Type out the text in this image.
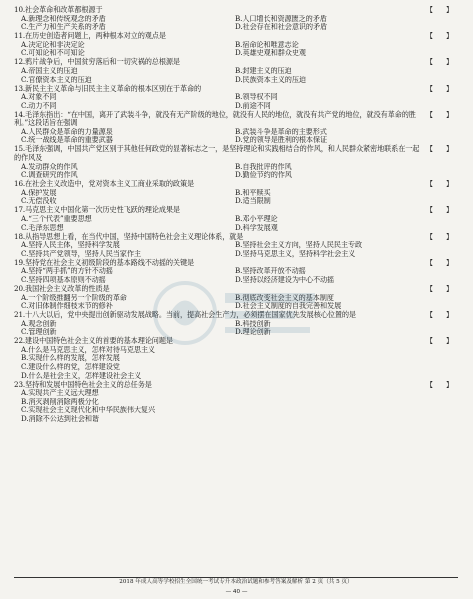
10.社会革命和改革都根源于	【　】
A.新理念和传统观念的矛盾	B.人口增长和资源匮乏的矛盾
C.生产力和生产关系的矛盾	D.社会存在和社会意识的矛盾
11.在历史创造者问题上，两种根本对立的观点是	【　】
A.决定论和非决定论	B.宿命论和唯意志论
C.可知论和不可知论	D.英雄史观和群众史观
12.鸦片战争后，中国贫穷落后和一切灾祸的总根源是	【　】
A.帝国主义的压迫	B.封建主义的压迫
C.官僚资本主义的压迫	D.民族资本主义的压迫
13.新民主主义革命与旧民主主义革命的根本区别在于革命的	【　】
A.对象不同	B.领导权不同
C.动力不同	D.前途不同
14.毛泽东指出：“在中国，离开了武装斗争，就没有无产阶级的地位，就没有人民的地位，就没有共产党的地位，就没有革命的胜利。”这段话旨在强调
【　】
A.人民群众是革命的力量源泉	B.武装斗争是革命的主要形式
C.统一战线是革命的重要武器	D.党的领导是胜利的根本保证
15.毛泽东强调，中国共产党区别于其他任何政党的显著标志之一，是坚持理论和实践相结合的作风，和人民群众紧密地联系在一起的作风及
【　】
A.发动群众的作风	B.自我批评的作风
C.调查研究的作风	D.勤俭节约的作风
16.在社会主义改造中，党对资本主义工商业采取的政策是	【　】
A.保护发展	B.和平赎买
C.无偿没收	D.适当限制
17.马克思主义中国化第一次历史性飞跃的理论成果是	【　】
A.“三个代表”重要思想	B.邓小平理论
C.毛泽东思想	D.科学发展观
18.从指导思想上看，在当代中国，坚持中国特色社会主义理论体系，就是	【　】
A.坚持人民主体，坚持科学发展	B.坚持社会主义方向，坚持人民民主专政
C.坚持共产党领导，坚持人民当家作主	D.坚持马克思主义，坚持科学社会主义
19.坚持党在社会主义初级阶段的基本路线不动摇的关键是	【　】
A.坚持“两手抓”的方针不动摇	B.坚持改革开放不动摇
C.坚持四项基本原则不动摇	D.坚持以经济建设为中心不动摇
20.我国社会主义改革的性质是	【　】
A.一个阶级推翻另一个阶级的革命	B.彻底改变社会主义的基本制度
C.对旧体制作细枝末节的修补	D.社会主义制度的自我完善和发展
21.十八大以后，党中央提出创新驱动发展战略。当前，提高社会生产力，必须摆在国家优先发展核心位置的是	【　】
A.观念创新	B.科技创新
C.管理创新	D.理论创新
22.建设中国特色社会主义的首要的基本理论问题是	【　】
A.什么是马克思主义，怎样对待马克思主义
B.实现什么样的发展，怎样发展
C.建设什么样的党，怎样建设党
D.什么是社会主义，怎样建设社会主义
23.坚持和发展中国特色社会主义的总任务是	【　】
A.实现共产主义远大理想
B.消灭剥削消除两极分化
C.实现社会主义现代化和中华民族伟大复兴
D.消除不公达到社会和谐
2018 年成人高等学校招生全国统一考试专升本政治试题和参考答案及解析 第 2 页（共 5 页）
— 40 —
